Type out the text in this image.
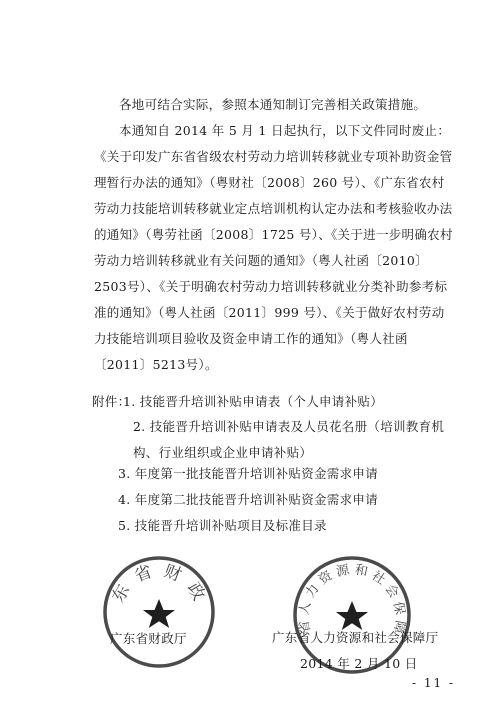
各地可结合实际，参照本通知制订完善相关政策措施。

本通知自 2014 年 5 月 1 日起执行，以下文件同时废止：《关于印发广东省省级农村劳动力培训转移就业专项补助资金管理暂行办法的通知》（粤财社〔2008〕260 号）、《广东省农村劳动力技能培训转移就业定点培训机构认定办法和考核验收办法的通知》（粤劳社函〔2008〕1725 号）、《关于进一步明确农村劳动力培训转移就业有关问题的通知》（粤人社函〔2010〕2503号）、《关于明确农村劳动力培训转移就业分类补助参考标准的通知》（粤人社函〔2011〕999 号）、《关于做好农村劳动力技能培训项目验收及资金申请工作的通知》（粤人社函〔2011〕5213号）。

附件：
1. 技能晋升培训补贴申请表（个人申请补贴）
2. 技能晋升培训补贴申请表及人员花名册（培训教育机构、行业组织或企业申请补贴）
3. 年度第一批技能晋升培训补贴资金需求申请
4. 年度第二批技能晋升培训补贴资金需求申请
5. 技能晋升培训补贴项目及标准目录
东 省 财 政
省 人 力 资 源 和 社 会 保 障
广东省财政厅	广东省人力资源和社会保障厅
2014 年 2 月 10 日
- 11 -
